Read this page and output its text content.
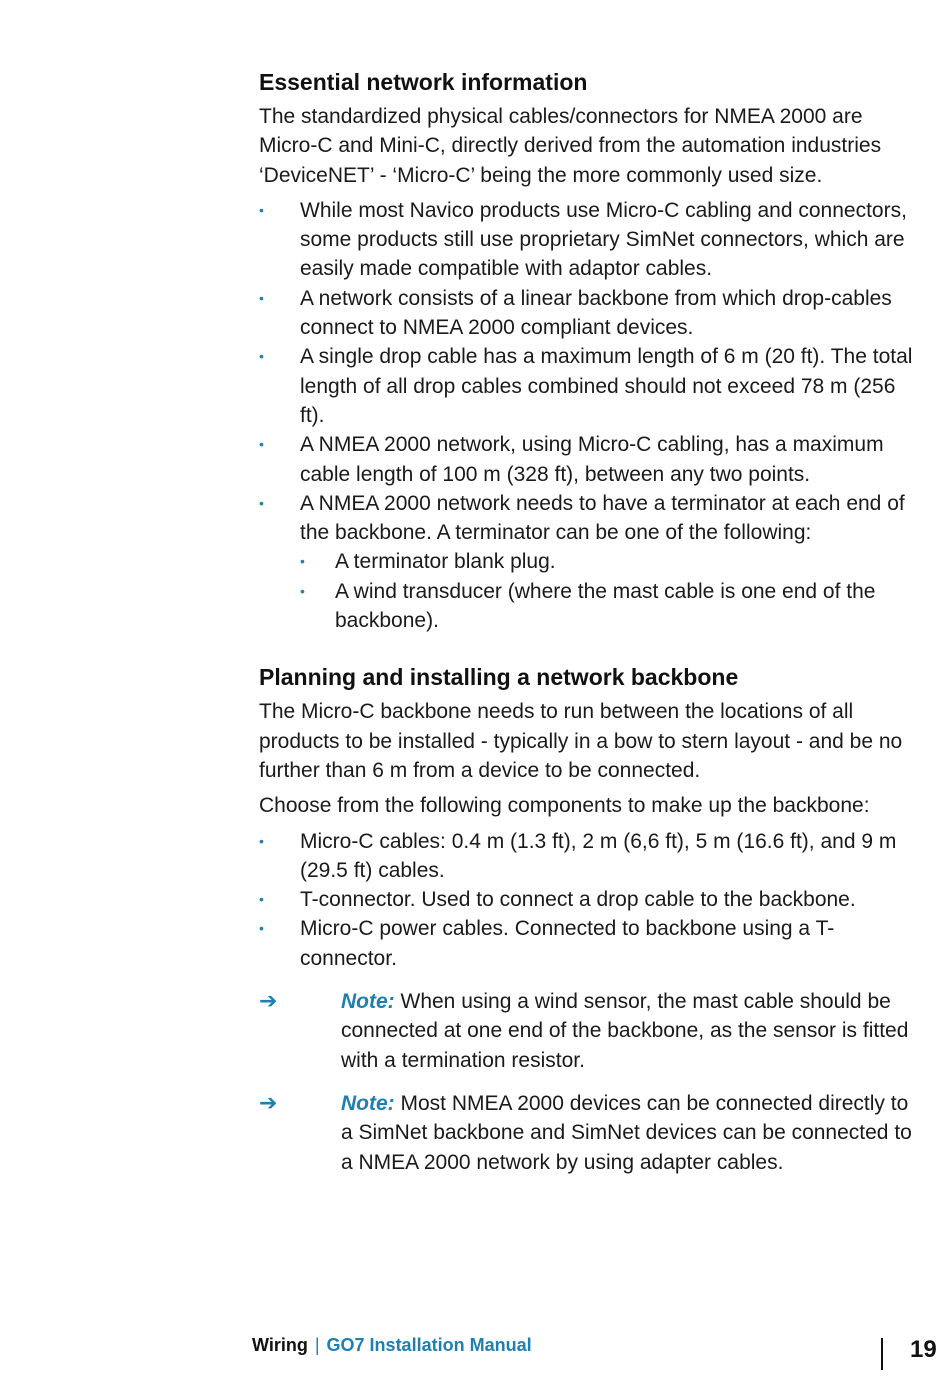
Essential network information

The standardized physical cables/connectors for NMEA 2000 are Micro-C and Mini-C, directly derived from the automation industries ‘DeviceNET’ - ‘Micro-C’ being the more commonly used size.

• While most Navico products use Micro-C cabling and connectors, some products still use proprietary SimNet connectors, which are easily made compatible with adaptor cables.
• A network consists of a linear backbone from which drop-cables connect to NMEA 2000 compliant devices.
• A single drop cable has a maximum length of 6 m (20 ft). The total length of all drop cables combined should not exceed 78 m (256 ft).
• A NMEA 2000 network, using Micro-C cabling, has a maximum cable length of 100 m (328 ft), between any two points.
• A NMEA 2000 network needs to have a terminator at each end of the backbone. A terminator can be one of the following:
• A terminator blank plug.
• A wind transducer (where the mast cable is one end of the backbone).
Planning and installing a network backbone

The Micro-C backbone needs to run between the locations of all products to be installed - typically in a bow to stern layout - and be no further than 6 m from a device to be connected.

Choose from the following components to make up the backbone:

• Micro-C cables: 0.4 m (1.3 ft), 2 m (6,6 ft), 5 m (16.6 ft), and 9 m (29.5 ft) cables.
• T-connector. Used to connect a drop cable to the backbone.
• Micro-C power cables. Connected to backbone using a T-connector.
➔	Note: When using a wind sensor, the mast cable should be connected at one end of the backbone, as the sensor is fitted with a termination resistor.
➔	Note: Most NMEA 2000 devices can be connected directly to a SimNet backbone and SimNet devices can be connected to a NMEA 2000 network by using adapter cables.
Wiring | GO7 Installation Manual	19
